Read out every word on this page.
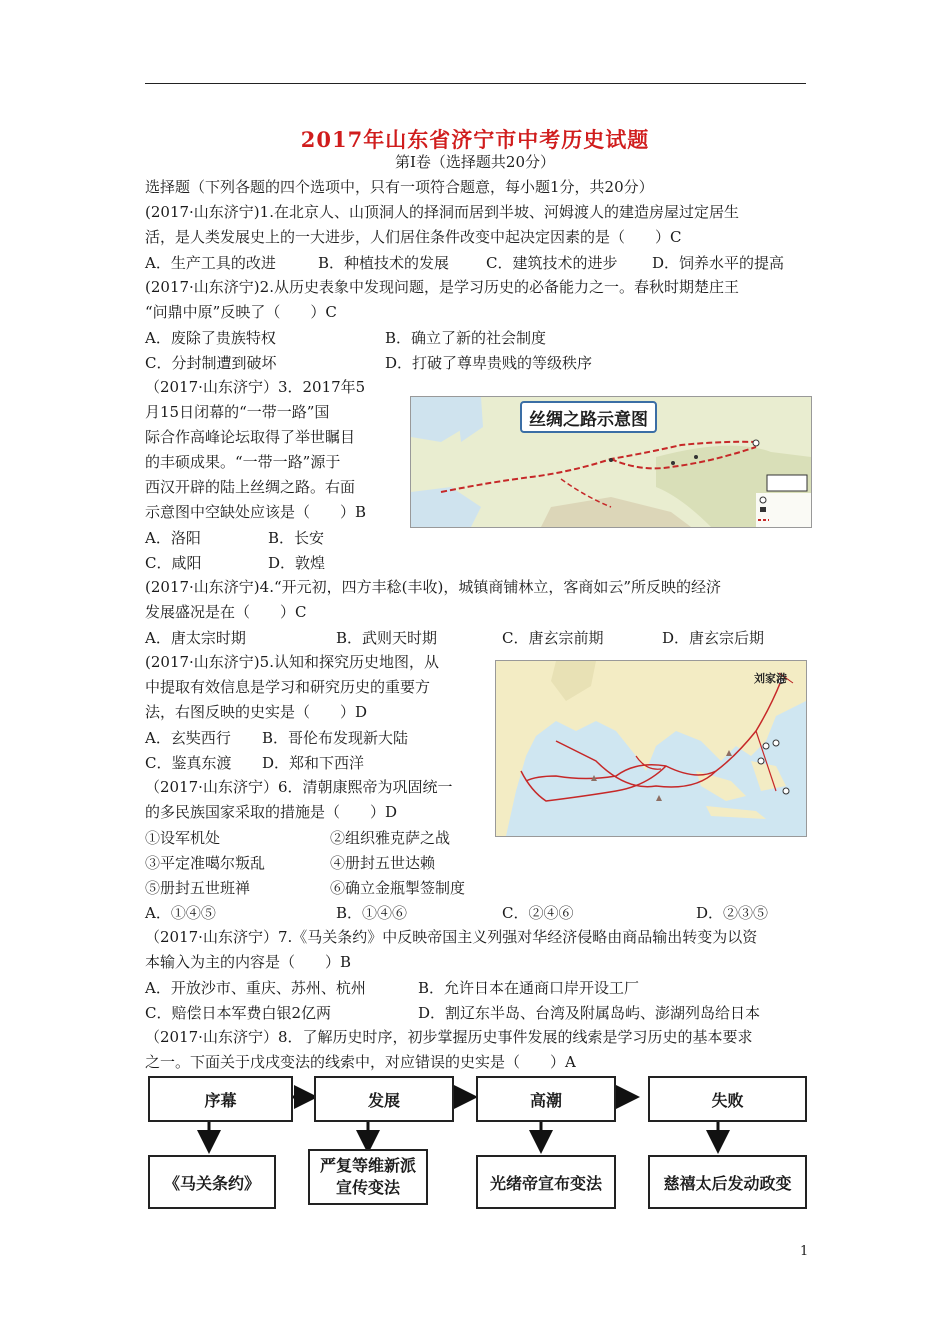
2017年山东省济宁市中考历史试题
第Ⅰ卷（选择题共20分）
选择题（下列各题的四个选项中，只有一项符合题意，每小题1分，共20分）
(2017·山东济宁)1.在北京人、山顶洞人的择洞而居到半坡、河姆渡人的建造房屋过定居生
活，是人类发展史上的一大进步，人们居住条件改变中起决定因素的是（　　）C
A．生产工具的改进	B．种植技术的发展 C．建筑技术的进步 D．饲养水平的提高
(2017·山东济宁)2.从历史表象中发现问题，是学习历史的必备能力之一。春秋时期楚庄王
“问鼎中原”反映了（　　）C
A．废除了贵族特权	B．确立了新的社会制度
C．分封制遭到破坏	D．打破了尊卑贵贱的等级秩序
（2017·山东济宁）3．2017年5
月15日闭幕的“一带一路”国
际合作高峰论坛取得了举世瞩目
的丰硕成果。“一带一路”源于
西汉开辟的陆上丝绸之路。右面
示意图中空缺处应该是（　　）B
A．洛阳	B．长安
C．咸阳	D．敦煌
丝绸之路示意图
(2017·山东济宁)4.“开元初，四方丰稔(丰收)，城镇商铺林立，客商如云”所反映的经济
发展盛况是在（　　）C
A．唐太宗时期	B．武则天时期	C．唐玄宗前期	D．唐玄宗后期
(2017·山东济宁)5.认知和探究历史地图，从
中提取有效信息是学习和研究历史的重要方
法，右图反映的史实是（　　）D
A．玄奘西行 B．哥伦布发现新大陆
C．鉴真东渡 D．郑和下西洋
刘家港
（2017·山东济宁）6．清朝康熙帝为巩固统一
的多民族国家采取的措施是（　　）D
①设军机处	②组织雅克萨之战
③平定准噶尔叛乱	④册封五世达赖
⑤册封五世班禅	⑥确立金瓶掣签制度
A．①④⑤	B．①④⑥	C．②④⑥	D．②③⑤
（2017·山东济宁）7.《马关条约》中反映帝国主义列强对华经济侵略由商品输出转变为以资
本输入为主的内容是（　　）B
A．开放沙市、重庆、苏州、杭州	B．允许日本在通商口岸开设工厂
C．赔偿日本军费白银2亿两	D．割辽东半岛、台湾及附属岛屿、澎湖列岛给日本
（2017·山东济宁）8．了解历史时序，初步掌握历史事件发展的线索是学习历史的基本要求
之一。下面关于戊戌变法的线索中，对应错误的史实是（　　）A
序幕	发展	高潮	失败
《马关条约》
严复等维新派宣传变法	光绪帝宣布变法	慈禧太后发动政变
1
